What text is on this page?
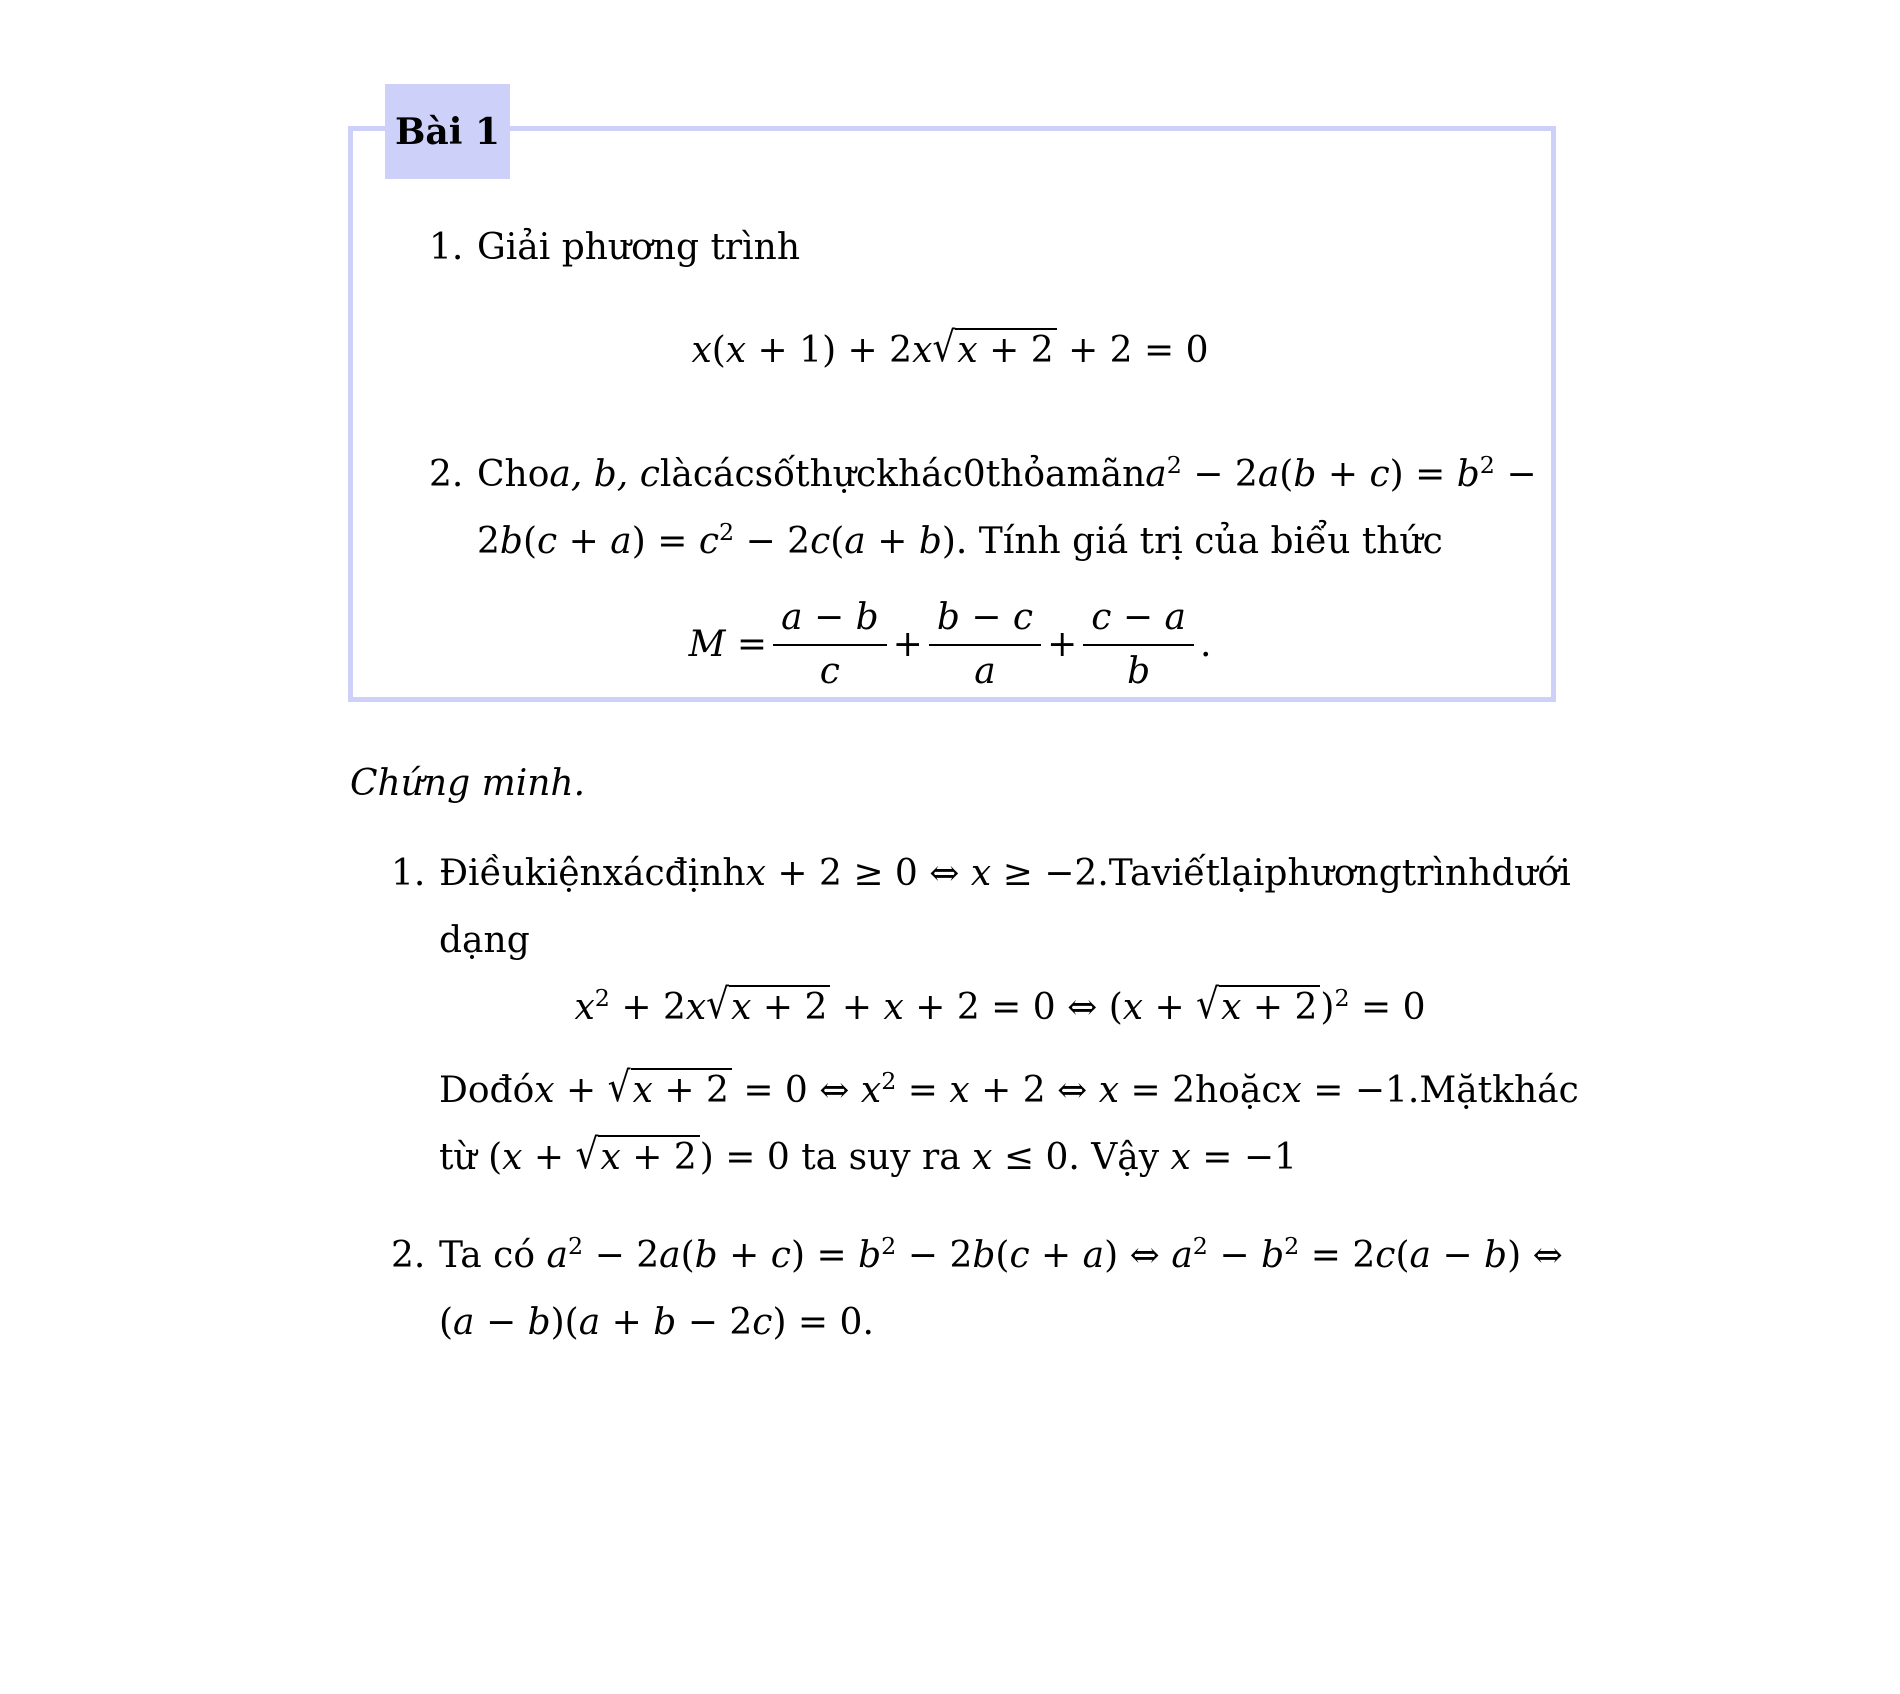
Bài 1
1. Giải phương trình
x(x + 1) + 2x√x + 2 + 2 = 0
2. Cho a, b, c là các số thực khác 0 thỏa mãn $a^2 - 2a(b + c) = b^2$ −
$2b(c + a) = c^2 - 2c(a + b)$. Tính giá trị của biểu thức
$M = \frac{a - b}{c} + \frac{b - c}{a} + \frac{c - a}{b}$ .
Chứng minh.
1. Điều kiện xác định x + 2 ≥ 0 ⇔ x ≥ −2. Ta viết lại phương trình dưới
dạng
$x^2 + 2x√x + 2 + x + 2 = 0$ ⇔ $(x + √x + 2)^2 = 0$
Do đó x + √x + 2 = 0 ⇔ $x^2 = x + 2$ ⇔ x = 2 hoặc x = −1. Mặt khác
từ (x + √x + 2) = 0 ta suy ra x ≤ 0. Vậy x = −1
2. Ta có $a^2 - 2a(b + c) = b^2 - 2b(c + a)$ ⇔ $a^2 - b^2 = 2c(a - b)$ ⇔
(a − b)(a + b − 2c) = 0.
